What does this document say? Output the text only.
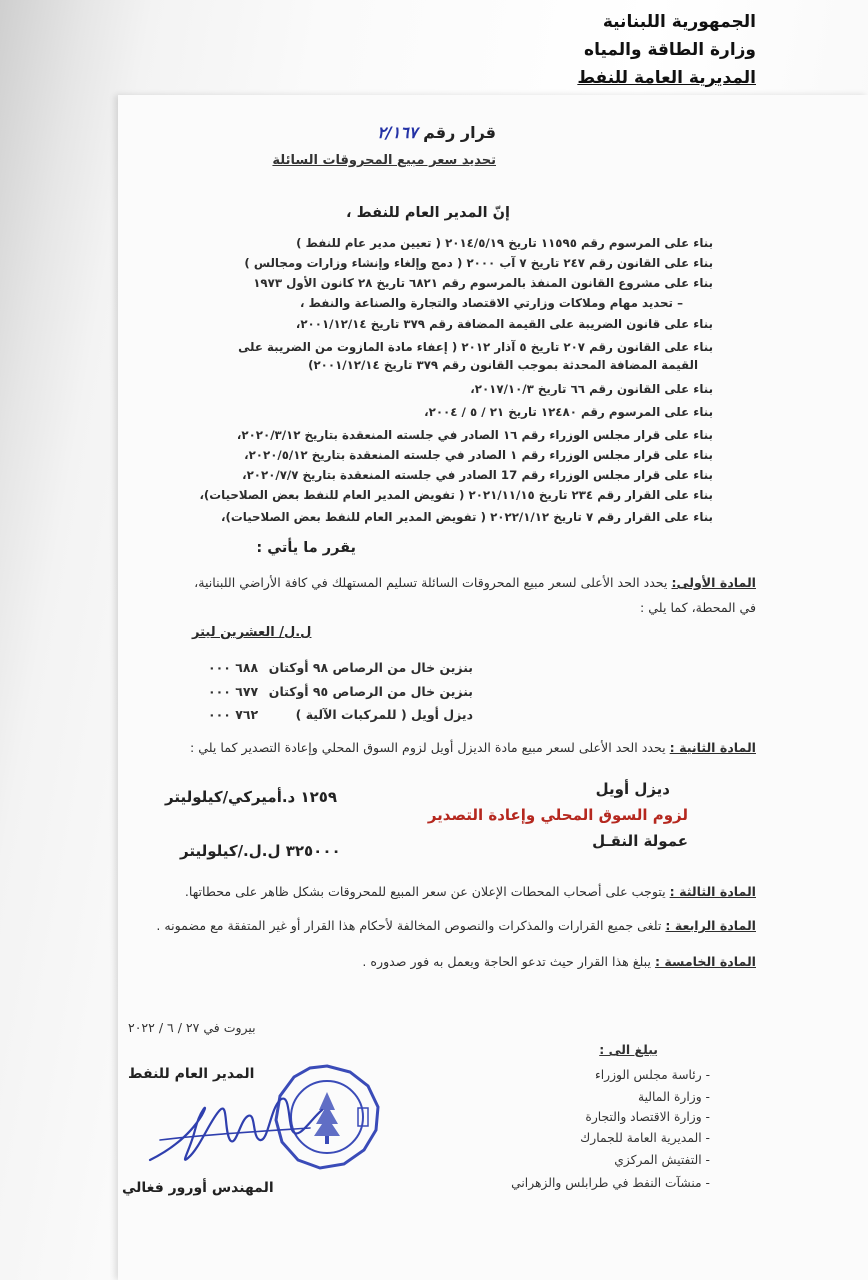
الجمهورية اللبنانية
وزارة الطاقة والمياه
المديرية العامة للنفط
قرار رقم ٢/١٦٧
تحديد سعر مبيع المحروقات السائلة
إنّ المدير العام للنفط ،
بناء على المرسوم رقم ١١٥٩٥ تاريخ ٢٠١٤/٥/١٩ ( تعيين مدير عام للنفط )
بناء على القانون رقم ٢٤٧ تاريخ ٧ آب ٢٠٠٠ ( دمج وإلغاء وإنشاء وزارات ومجالس )
بناء على مشروع القانون المنفذ بالمرسوم رقم ٦٨٢١ تاريخ ٢٨ كانون الأول ١٩٧٣
– تحديد مهام وملاكات وزارتي الاقتصاد والتجارة والصناعة والنفط ،
بناء على قانون الضريبة على القيمة المضافة رقم ٣٧٩ تاريخ ٢٠٠١/١٢/١٤،
بناء على القانون رقم ٢٠٧ تاريخ ٥ آذار ٢٠١٢ ( إعفاء مادة المازوت من الضريبة على
القيمة المضافة المحدثة بموجب القانون رقم ٣٧٩ تاريخ ٢٠٠١/١٢/١٤)
بناء على القانون رقم ٦٦ تاريخ ٢٠١٧/١٠/٣،
بناء على المرسوم رقم ١٢٤٨٠ تاريخ ٢١ / ٥ / ٢٠٠٤،
بناء على قرار مجلس الوزراء رقم ١٦ الصادر في جلسته المنعقدة بتاريخ ٢٠٢٠/٣/١٢،
بناء على قرار مجلس الوزراء رقم ١ الصادر في جلسته المنعقدة بتاريخ ٢٠٢٠/٥/١٢،
بناء على قرار مجلس الوزراء رقم 17 الصادر في جلسته المنعقدة بتاريخ ٢٠٢٠/٧/٧،
بناء على القرار رقم ٢٣٤ تاريخ ٢٠٢١/١١/١٥ ( تفويض المدير العام للنفط بعض الصلاحيات)،
بناء على القرار رقم ٧ تاريخ ٢٠٢٢/١/١٢ ( تفويض المدير العام للنفط بعض الصلاحيات)،
يقرر ما يأتي :
المادة الأولى: يحدد الحد الأعلى لسعر مبيع المحروقات السائلة تسليم المستهلك في كافة الأراضي اللبنانية،
في المحطة، كما يلي :
ل.ل/ العشرين ليتر
بنزين خال من الرصاص ٩٨ أوكتان
٦٨٨ ٠٠٠
بنزين خال من الرصاص ٩٥ أوكتان
٦٧٧ ٠٠٠
ديزل أويل ( للمركبات الآلية )
٧٦٢ ٠٠٠
المادة الثانية : يحدد الحد الأعلى لسعر مبيع مادة الديزل أويل لزوم السوق المحلي وإعادة التصدير كما يلي :
ديزل أويل
١٢٥٩ د.أميركي/كيلوليتر
لزوم السوق المحلي وإعادة التصدير
عمولة النقـل
٣٢٥٠٠٠ ل.ل./كيلوليتر
المادة الثالثة : يتوجب على أصحاب المحطات الإعلان عن سعر المبيع للمحروقات بشكل ظاهر على محطاتها.
المادة الرابعة : تلغى جميع القرارات والمذكرات والنصوص المخالفة لأحكام هذا القرار أو غير المتفقة مع مضمونه .
المادة الخامسة : يبلغ هذا القرار حيث تدعو الحاجة ويعمل به فور صدوره .
بيروت في ٢٧ / ٦ / ٢٠٢٢
يبلغ الى :
- رئاسة مجلس الوزراء
- وزارة المالية
- وزارة الاقتصاد والتجارة
- المديرية العامة للجمارك
- التفتيش المركزي
- منشآت النفط في طرابلس والزهراني
المدير العام للنفط
المهندس أورور فغالي
